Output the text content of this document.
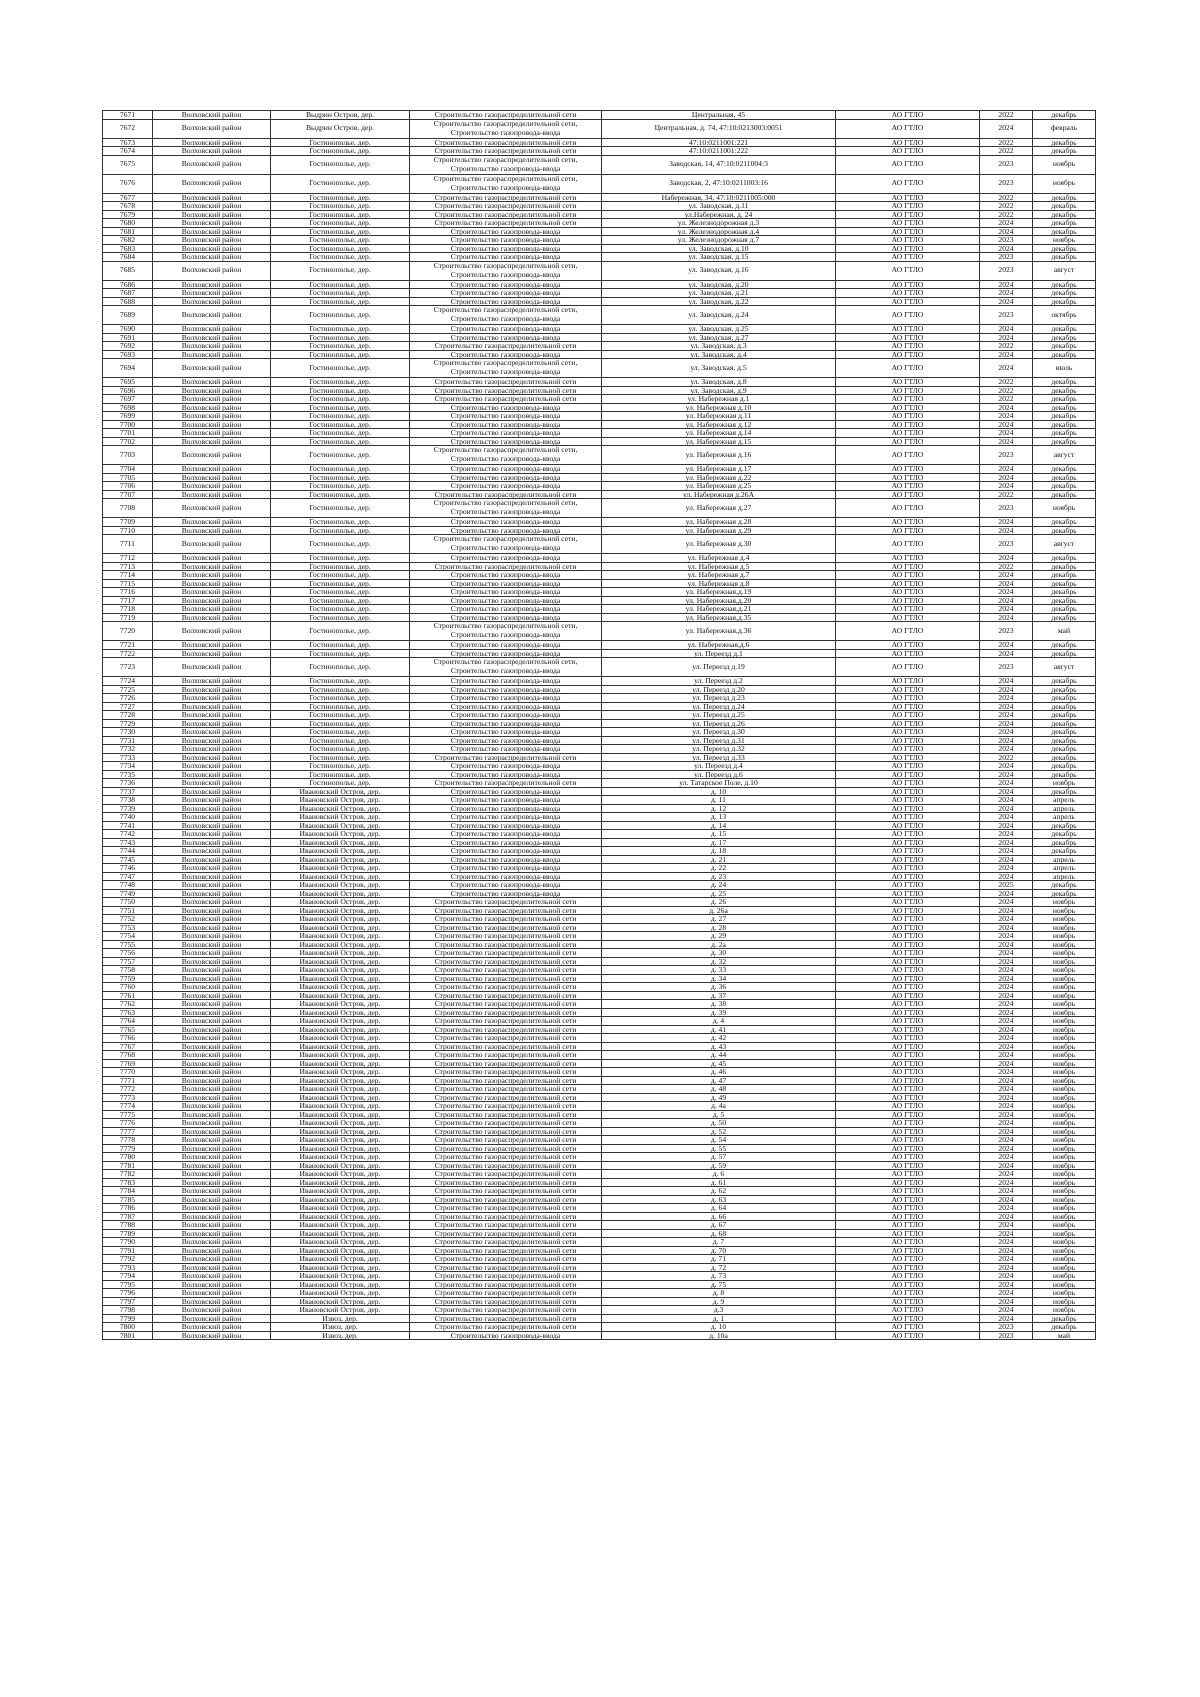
7671	Волховский район	Выдрин Остров, дер.	Строительство газораспределительной сети	Центральная, 45	АО ГТЛО	2022	декабрь
7672	Волховский район	Выдрин Остров, дер.	Строительство газораспределительной сети, Строительство газопровода-ввода	Центральная, д. 74, 47:10:0213003:0051	АО ГТЛО	2024	февраль
7673	Волховский район	Гостинополье, дер.	Строительство газораспределительной сети	47:10:0211001:221	АО ГТЛО	2022	декабрь
7674	Волховский район	Гостинополье, дер.	Строительство газораспределительной сети	47:10:0211001:222	АО ГТЛО	2022	декабрь
7675	Волховский район	Гостинополье, дер.	Строительство газораспределительной сети, Строительство газопровода-ввода	Заводская, 14, 47:10:0211004:3	АО ГТЛО	2023	ноябрь
7676	Волховский район	Гостинополье, дер.	Строительство газораспределительной сети, Строительство газопровода-ввода	Заводская, 2, 47:10:0211003:16	АО ГТЛО	2023	ноябрь
7677	Волховский район	Гостинополье, дер.	Строительство газораспределительной сети	Набережная, 34, 47:10:0211005:000	АО ГТЛО	2022	декабрь
7678	Волховский район	Гостинополье, дер.	Строительство газораспределительной сети	ул. Заводская, д.11	АО ГТЛО	2022	декабрь
7679	Волховский район	Гостинополье, дер.	Строительство газораспределительной сети	ул.Набережная, д. 24	АО ГТЛО	2022	декабрь
7680	Волховский район	Гостинополье, дер.	Строительство газораспределительной сети	ул. Железнодорожная д.3	АО ГТЛО	2024	декабрь
7681	Волховский район	Гостинополье, дер.	Строительство газопровода-ввода	ул. Железнодорожная д.4	АО ГТЛО	2024	декабрь
7682	Волховский район	Гостинополье, дер.	Строительство газопровода-ввода	ул. Железнодорожная д.7	АО ГТЛО	2023	ноябрь
7683	Волховский район	Гостинополье, дер.	Строительство газопровода-ввода	ул. Заводская, д.10	АО ГТЛО	2024	декабрь
7684	Волховский район	Гостинополье, дер.	Строительство газопровода-ввода	ул. Заводская, д.15	АО ГТЛО	2023	декабрь
7685	Волховский район	Гостинополье, дер.	Строительство газораспределительной сети, Строительство газопровода-ввода	ул. Заводская, д.16	АО ГТЛО	2023	август
7686	Волховский район	Гостинополье, дер.	Строительство газопровода-ввода	ул. Заводская, д.20	АО ГТЛО	2024	декабрь
7687	Волховский район	Гостинополье, дер.	Строительство газопровода-ввода	ул. Заводская, д.21	АО ГТЛО	2024	декабрь
7688	Волховский район	Гостинополье, дер.	Строительство газопровода-ввода	ул. Заводская, д.22	АО ГТЛО	2024	декабрь
7689	Волховский район	Гостинополье, дер.	Строительство газораспределительной сети, Строительство газопровода-ввода	ул. Заводская, д.24	АО ГТЛО	2023	октябрь
7690	Волховский район	Гостинополье, дер.	Строительство газопровода-ввода	ул. Заводская, д.25	АО ГТЛО	2024	декабрь
7691	Волховский район	Гостинополье, дер.	Строительство газопровода-ввода	ул. Заводская, д.27	АО ГТЛО	2024	декабрь
7692	Волховский район	Гостинополье, дер.	Строительство газораспределительной сети	ул. Заводская, д.3	АО ГТЛО	2022	декабрь
7693	Волховский район	Гостинополье, дер.	Строительство газопровода-ввода	ул. Заводская, д.4	АО ГТЛО	2024	декабрь
7694	Волховский район	Гостинополье, дер.	Строительство газораспределительной сети, Строительство газопровода-ввода	ул. Заводская, д.5	АО ГТЛО	2024	июль
7695	Волховский район	Гостинополье, дер.	Строительство газораспределительной сети	ул. Заводская, д.8	АО ГТЛО	2022	декабрь
7696	Волховский район	Гостинополье, дер.	Строительство газораспределительной сети	ул. Заводская, д.9	АО ГТЛО	2022	декабрь
7697	Волховский район	Гостинополье, дер.	Строительство газораспределительной сети	ул. Набережная д.1	АО ГТЛО	2022	декабрь
7698	Волховский район	Гостинополье, дер.	Строительство газопровода-ввода	ул. Набережная д.10	АО ГТЛО	2024	декабрь
7699	Волховский район	Гостинополье, дер.	Строительство газопровода-ввода	ул. Набережная д.11	АО ГТЛО	2024	декабрь
7700	Волховский район	Гостинополье, дер.	Строительство газопровода-ввода	ул. Набережная д.12	АО ГТЛО	2024	декабрь
7701	Волховский район	Гостинополье, дер.	Строительство газопровода-ввода	ул. Набережная д.14	АО ГТЛО	2024	декабрь
7702	Волховский район	Гостинополье, дер.	Строительство газопровода-ввода	ул. Набережная д.15	АО ГТЛО	2024	декабрь
7703	Волховский район	Гостинополье, дер.	Строительство газораспределительной сети, Строительство газопровода-ввода	ул. Набережная д.16	АО ГТЛО	2023	август
7704	Волховский район	Гостинополье, дер.	Строительство газопровода-ввода	ул. Набережная д.17	АО ГТЛО	2024	декабрь
7705	Волховский район	Гостинополье, дер.	Строительство газопровода-ввода	ул. Набережная д.22	АО ГТЛО	2024	декабрь
7706	Волховский район	Гостинополье, дер.	Строительство газопровода-ввода	ул. Набережная д.25	АО ГТЛО	2024	декабрь
7707	Волховский район	Гостинополье, дер.	Строительство газораспределительной сети	ул. Набережная д.26А	АО ГТЛО	2022	декабрь
7708	Волховский район	Гостинополье, дер.	Строительство газораспределительной сети, Строительство газопровода-ввода	ул. Набережная д.27	АО ГТЛО	2023	ноябрь
7709	Волховский район	Гостинополье, дер.	Строительство газопровода-ввода	ул. Набережная д.28	АО ГТЛО	2024	декабрь
7710	Волховский район	Гостинополье, дер.	Строительство газопровода-ввода	ул. Набережная д.29	АО ГТЛО	2024	декабрь
7711	Волховский район	Гостинополье, дер.	Строительство газораспределительной сети, Строительство газопровода-ввода	ул. Набережная д.30	АО ГТЛО	2023	август
7712	Волховский район	Гостинополье, дер.	Строительство газопровода-ввода	ул. Набережная д.4	АО ГТЛО	2024	декабрь
7713	Волховский район	Гостинополье, дер.	Строительство газораспределительной сети	ул. Набережная д.5	АО ГТЛО	2022	декабрь
7714	Волховский район	Гостинополье, дер.	Строительство газопровода-ввода	ул. Набережная д.7	АО ГТЛО	2024	декабрь
7715	Волховский район	Гостинополье, дер.	Строительство газопровода-ввода	ул. Набережная д.8	АО ГТЛО	2024	декабрь
7716	Волховский район	Гостинополье, дер.	Строительство газопровода-ввода	ул. Набережная,д.19	АО ГТЛО	2024	декабрь
7717	Волховский район	Гостинополье, дер.	Строительство газопровода-ввода	ул. Набережная,д.20	АО ГТЛО	2024	декабрь
7718	Волховский район	Гостинополье, дер.	Строительство газопровода-ввода	ул. Набережная,д.21	АО ГТЛО	2024	декабрь
7719	Волховский район	Гостинополье, дер.	Строительство газопровода-ввода	ул. Набережная,д.35	АО ГТЛО	2024	декабрь
7720	Волховский район	Гостинополье, дер.	Строительство газораспределительной сети, Строительство газопровода-ввода	ул. Набережная,д.36	АО ГТЛО	2023	май
7721	Волховский район	Гостинополье, дер.	Строительство газопровода-ввода	ул. Набережная,д.6	АО ГТЛО	2024	декабрь
7722	Волховский район	Гостинополье, дер.	Строительство газопровода-ввода	ул. Переезд д.1	АО ГТЛО	2024	декабрь
7723	Волховский район	Гостинополье, дер.	Строительство газораспределительной сети, Строительство газопровода-ввода	ул. Переезд д.19	АО ГТЛО	2023	август
7724	Волховский район	Гостинополье, дер.	Строительство газопровода-ввода	ул. Переезд д.2	АО ГТЛО	2024	декабрь
7725	Волховский район	Гостинополье, дер.	Строительство газопровода-ввода	ул. Переезд д.20	АО ГТЛО	2024	декабрь
7726	Волховский район	Гостинополье, дер.	Строительство газопровода-ввода	ул. Переезд д.23	АО ГТЛО	2024	декабрь
7727	Волховский район	Гостинополье, дер.	Строительство газопровода-ввода	ул. Переезд д.24	АО ГТЛО	2024	декабрь
7728	Волховский район	Гостинополье, дер.	Строительство газопровода-ввода	ул. Переезд д.25	АО ГТЛО	2024	декабрь
7729	Волховский район	Гостинополье, дер.	Строительство газопровода-ввода	ул. Переезд д.26	АО ГТЛО	2024	декабрь
7730	Волховский район	Гостинополье, дер.	Строительство газопровода-ввода	ул. Переезд д.30	АО ГТЛО	2024	декабрь
7731	Волховский район	Гостинополье, дер.	Строительство газопровода-ввода	ул. Переезд д.31	АО ГТЛО	2024	декабрь
7732	Волховский район	Гостинополье, дер.	Строительство газопровода-ввода	ул. Переезд д.32	АО ГТЛО	2024	декабрь
7733	Волховский район	Гостинополье, дер.	Строительство газораспределительной сети	ул. Переезд д.33	АО ГТЛО	2022	декабрь
7734	Волховский район	Гостинополье, дер.	Строительство газопровода-ввода	ул. Переезд д.4	АО ГТЛО	2024	декабрь
7735	Волховский район	Гостинополье, дер.	Строительство газопровода-ввода	ул. Переезд д.6	АО ГТЛО	2024	декабрь
7736	Волховский район	Гостинополье, дер.	Строительство газораспределительной сети	ул. Татарское Поле, д.10	АО ГТЛО	2024	ноябрь
7737	Волховский район	Ивановский Остров, дер.	Строительство газопровода-ввода	д. 10	АО ГТЛО	2024	декабрь
7738	Волховский район	Ивановский Остров, дер.	Строительство газопровода-ввода	д. 11	АО ГТЛО	2024	апрель
7739	Волховский район	Ивановский Остров, дер.	Строительство газопровода-ввода	д. 12	АО ГТЛО	2024	апрель
7740	Волховский район	Ивановский Остров, дер.	Строительство газопровода-ввода	д. 13	АО ГТЛО	2024	апрель
7741	Волховский район	Ивановский Остров, дер.	Строительство газопровода-ввода	д. 14	АО ГТЛО	2024	декабрь
7742	Волховский район	Ивановский Остров, дер.	Строительство газопровода-ввода	д. 15	АО ГТЛО	2024	декабрь
7743	Волховский район	Ивановский Остров, дер.	Строительство газопровода-ввода	д. 17	АО ГТЛО	2024	декабрь
7744	Волховский район	Ивановский Остров, дер.	Строительство газопровода-ввода	д. 18	АО ГТЛО	2024	декабрь
7745	Волховский район	Ивановский Остров, дер.	Строительство газопровода-ввода	д. 21	АО ГТЛО	2024	апрель
7746	Волховский район	Ивановский Остров, дер.	Строительство газопровода-ввода	д. 22	АО ГТЛО	2024	апрель
7747	Волховский район	Ивановский Остров, дер.	Строительство газопровода-ввода	д. 23	АО ГТЛО	2024	апрель
7748	Волховский район	Ивановский Остров, дер.	Строительство газопровода-ввода	д. 24	АО ГТЛО	2025	декабрь
7749	Волховский район	Ивановский Остров, дер.	Строительство газопровода-ввода	д. 25	АО ГТЛО	2024	декабрь
7750	Волховский район	Ивановский Остров, дер.	Строительство газораспределительной сети	д. 26	АО ГТЛО	2024	ноябрь
7751	Волховский район	Ивановский Остров, дер.	Строительство газораспределительной сети	д. 26а	АО ГТЛО	2024	ноябрь
7752	Волховский район	Ивановский Остров, дер.	Строительство газораспределительной сети	д. 27	АО ГТЛО	2024	ноябрь
7753	Волховский район	Ивановский Остров, дер.	Строительство газораспределительной сети	д. 28	АО ГТЛО	2024	ноябрь
7754	Волховский район	Ивановский Остров, дер.	Строительство газораспределительной сети	д. 29	АО ГТЛО	2024	ноябрь
7755	Волховский район	Ивановский Остров, дер.	Строительство газораспределительной сети	д. 2а	АО ГТЛО	2024	ноябрь
7756	Волховский район	Ивановский Остров, дер.	Строительство газораспределительной сети	д. 30	АО ГТЛО	2024	ноябрь
7757	Волховский район	Ивановский Остров, дер.	Строительство газораспределительной сети	д. 32	АО ГТЛО	2024	ноябрь
7758	Волховский район	Ивановский Остров, дер.	Строительство газораспределительной сети	д. 33	АО ГТЛО	2024	ноябрь
7759	Волховский район	Ивановский Остров, дер.	Строительство газораспределительной сети	д. 34	АО ГТЛО	2024	ноябрь
7760	Волховский район	Ивановский Остров, дер.	Строительство газораспределительной сети	д. 36	АО ГТЛО	2024	ноябрь
7761	Волховский район	Ивановский Остров, дер.	Строительство газораспределительной сети	д. 37	АО ГТЛО	2024	ноябрь
7762	Волховский район	Ивановский Остров, дер.	Строительство газораспределительной сети	д. 38	АО ГТЛО	2024	ноябрь
7763	Волховский район	Ивановский Остров, дер.	Строительство газораспределительной сети	д. 39	АО ГТЛО	2024	ноябрь
7764	Волховский район	Ивановский Остров, дер.	Строительство газораспределительной сети	д. 4	АО ГТЛО	2024	ноябрь
7765	Волховский район	Ивановский Остров, дер.	Строительство газораспределительной сети	д. 41	АО ГТЛО	2024	ноябрь
7766	Волховский район	Ивановский Остров, дер.	Строительство газораспределительной сети	д. 42	АО ГТЛО	2024	ноябрь
7767	Волховский район	Ивановский Остров, дер.	Строительство газораспределительной сети	д. 43	АО ГТЛО	2024	ноябрь
7768	Волховский район	Ивановский Остров, дер.	Строительство газораспределительной сети	д. 44	АО ГТЛО	2024	ноябрь
7769	Волховский район	Ивановский Остров, дер.	Строительство газораспределительной сети	д. 45	АО ГТЛО	2024	ноябрь
7770	Волховский район	Ивановский Остров, дер.	Строительство газораспределительной сети	д. 46	АО ГТЛО	2024	ноябрь
7771	Волховский район	Ивановский Остров, дер.	Строительство газораспределительной сети	д. 47	АО ГТЛО	2024	ноябрь
7772	Волховский район	Ивановский Остров, дер.	Строительство газораспределительной сети	д. 48	АО ГТЛО	2024	ноябрь
7773	Волховский район	Ивановский Остров, дер.	Строительство газораспределительной сети	д. 49	АО ГТЛО	2024	ноябрь
7774	Волховский район	Ивановский Остров, дер.	Строительство газораспределительной сети	д. 4а	АО ГТЛО	2024	ноябрь
7775	Волховский район	Ивановский Остров, дер.	Строительство газораспределительной сети	д. 5	АО ГТЛО	2024	ноябрь
7776	Волховский район	Ивановский Остров, дер.	Строительство газораспределительной сети	д. 50	АО ГТЛО	2024	ноябрь
7777	Волховский район	Ивановский Остров, дер.	Строительство газораспределительной сети	д. 52	АО ГТЛО	2024	ноябрь
7778	Волховский район	Ивановский Остров, дер.	Строительство газораспределительной сети	д. 54	АО ГТЛО	2024	ноябрь
7779	Волховский район	Ивановский Остров, дер.	Строительство газораспределительной сети	д. 55	АО ГТЛО	2024	ноябрь
7780	Волховский район	Ивановский Остров, дер.	Строительство газораспределительной сети	д. 57	АО ГТЛО	2024	ноябрь
7781	Волховский район	Ивановский Остров, дер.	Строительство газораспределительной сети	д. 59	АО ГТЛО	2024	ноябрь
7782	Волховский район	Ивановский Остров, дер.	Строительство газораспределительной сети	д. 6	АО ГТЛО	2024	ноябрь
7783	Волховский район	Ивановский Остров, дер.	Строительство газораспределительной сети	д. 61	АО ГТЛО	2024	ноябрь
7784	Волховский район	Ивановский Остров, дер.	Строительство газораспределительной сети	д. 62	АО ГТЛО	2024	ноябрь
7785	Волховский район	Ивановский Остров, дер.	Строительство газораспределительной сети	д. 63	АО ГТЛО	2024	ноябрь
7786	Волховский район	Ивановский Остров, дер.	Строительство газораспределительной сети	д. 64	АО ГТЛО	2024	ноябрь
7787	Волховский район	Ивановский Остров, дер.	Строительство газораспределительной сети	д. 66	АО ГТЛО	2024	ноябрь
7788	Волховский район	Ивановский Остров, дер.	Строительство газораспределительной сети	д. 67	АО ГТЛО	2024	ноябрь
7789	Волховский район	Ивановский Остров, дер.	Строительство газораспределительной сети	д. 68	АО ГТЛО	2024	ноябрь
7790	Волховский район	Ивановский Остров, дер.	Строительство газораспределительной сети	д. 7	АО ГТЛО	2024	ноябрь
7791	Волховский район	Ивановский Остров, дер.	Строительство газораспределительной сети	д. 70	АО ГТЛО	2024	ноябрь
7792	Волховский район	Ивановский Остров, дер.	Строительство газораспределительной сети	д. 71	АО ГТЛО	2024	ноябрь
7793	Волховский район	Ивановский Остров, дер.	Строительство газораспределительной сети	д. 72	АО ГТЛО	2024	ноябрь
7794	Волховский район	Ивановский Остров, дер.	Строительство газораспределительной сети	д. 73	АО ГТЛО	2024	ноябрь
7795	Волховский район	Ивановский Остров, дер.	Строительство газораспределительной сети	д. 75	АО ГТЛО	2024	ноябрь
7796	Волховский район	Ивановский Остров, дер.	Строительство газораспределительной сети	д. 8	АО ГТЛО	2024	ноябрь
7797	Волховский район	Ивановский Остров, дер.	Строительство газораспределительной сети	д. 9	АО ГТЛО	2024	ноябрь
7798	Волховский район	Ивановский Остров, дер.	Строительство газораспределительной сети	д.3	АО ГТЛО	2024	ноябрь
7799	Волховский район	Извоз, дер.	Строительство газораспределительной сети	д. 1	АО ГТЛО	2024	декабрь
7800	Волховский район	Извоз, дер.	Строительство газораспределительной сети	д. 10	АО ГТЛО	2023	декабрь
7801	Волховский район	Извоз, дер.	Строительство газопровода-ввода	д. 10а	АО ГТЛО	2023	май
